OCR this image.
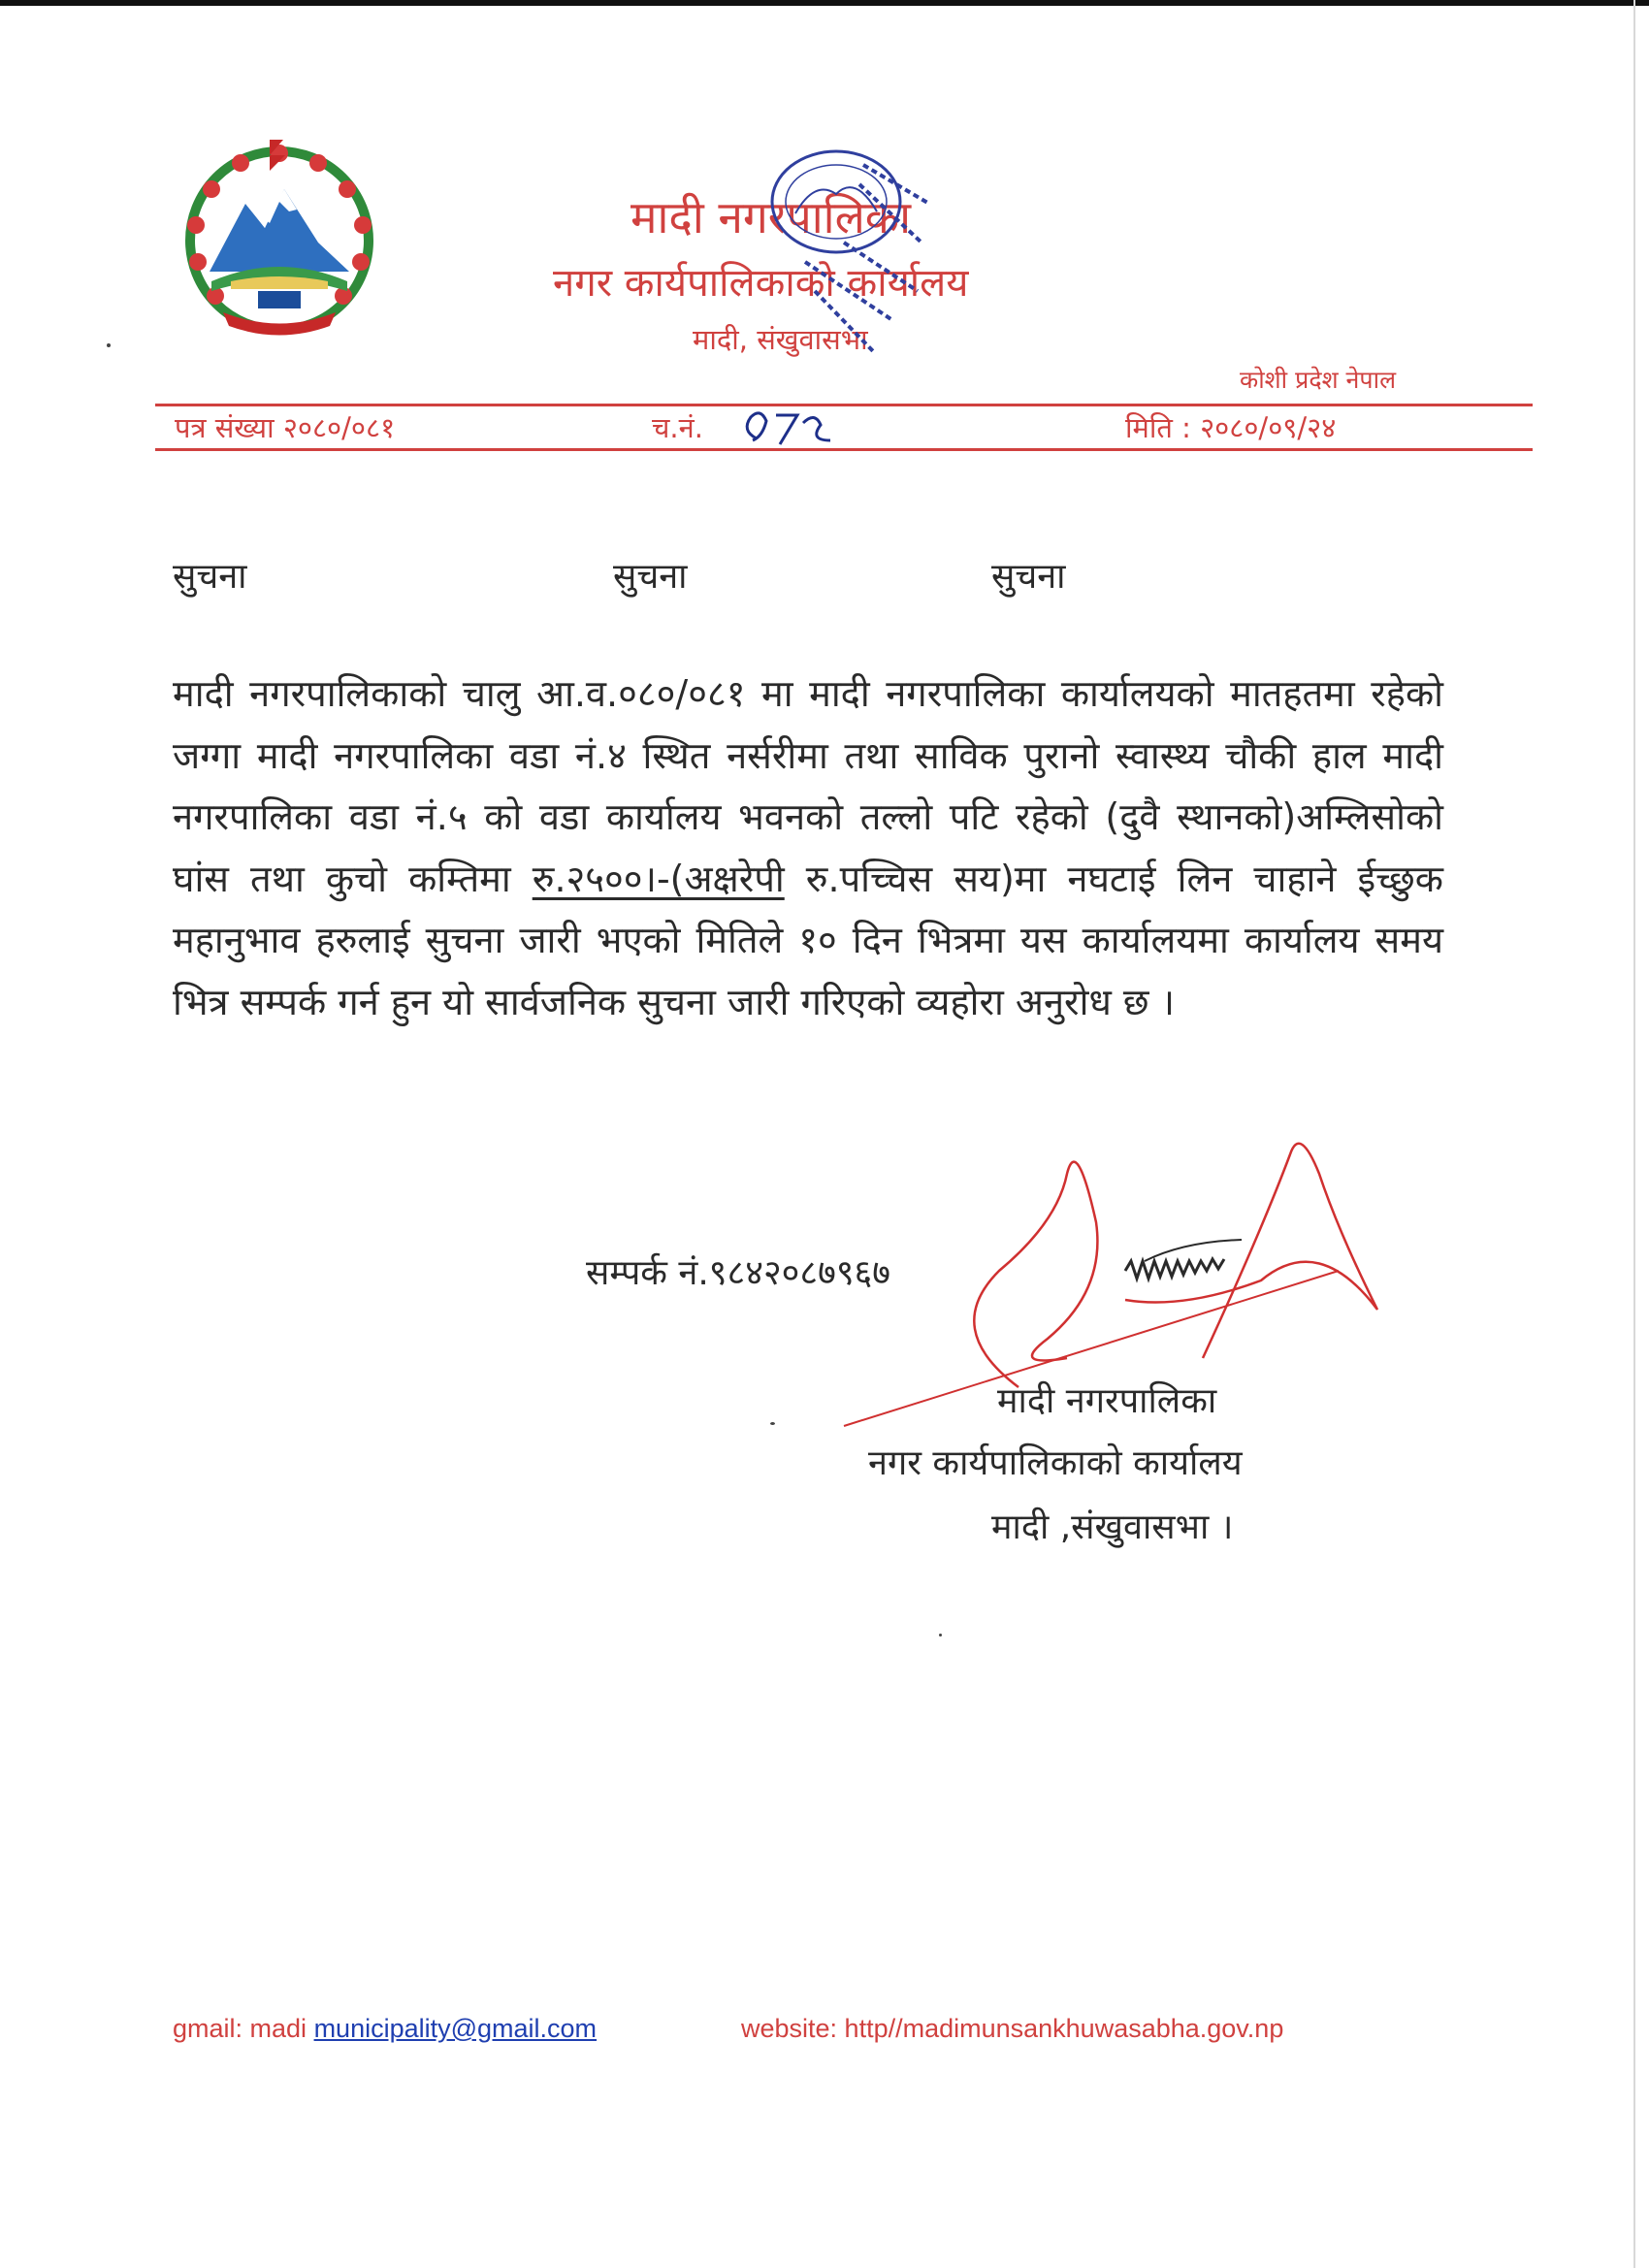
मादी नगरपालिका
नगर कार्यपालिकाको कार्यालय
मादी, संखुवासभा
कोशी प्रदेश नेपाल
पत्र संख्या २०८०/०८१	च.नं.	मिति : २०८०/०९/२४
सुचना	सुचना	सुचना
मादी नगरपालिकाको चालु आ.व.०८०/०८१ मा मादी नगरपालिका कार्यालयको मातहतमा रहेको जग्गा मादी नगरपालिका वडा नं.४ स्थित नर्सरीमा तथा साविक पुरानो स्वास्थ्य चौकी हाल मादी नगरपालिका वडा नं.५ को वडा कार्यालय भवनको तल्लो पटि रहेको (दुवै स्थानको)अम्लिसोको घांस तथा कुचो कम्तिमा रु.२५००।-(अक्षरेपी रु.पच्चिस सय)मा नघटाई लिन चाहाने ईच्छुक महानुभाव हरुलाई सुचना जारी भएको मितिले १० दिन भित्रमा यस कार्यालयमा कार्यालय समय भित्र सम्पर्क गर्न हुन यो सार्वजनिक सुचना जारी गरिएको व्यहोरा अनुरोध छ ।
सम्पर्क नं.९८४२०८७९६७
मादी नगरपालिका
नगर कार्यपालिकाको कार्यालय
मादी ,संखुवासभा ।
gmail: madi municipality@gmail.com	website: http//madimunsankhuwasabha.gov.np
